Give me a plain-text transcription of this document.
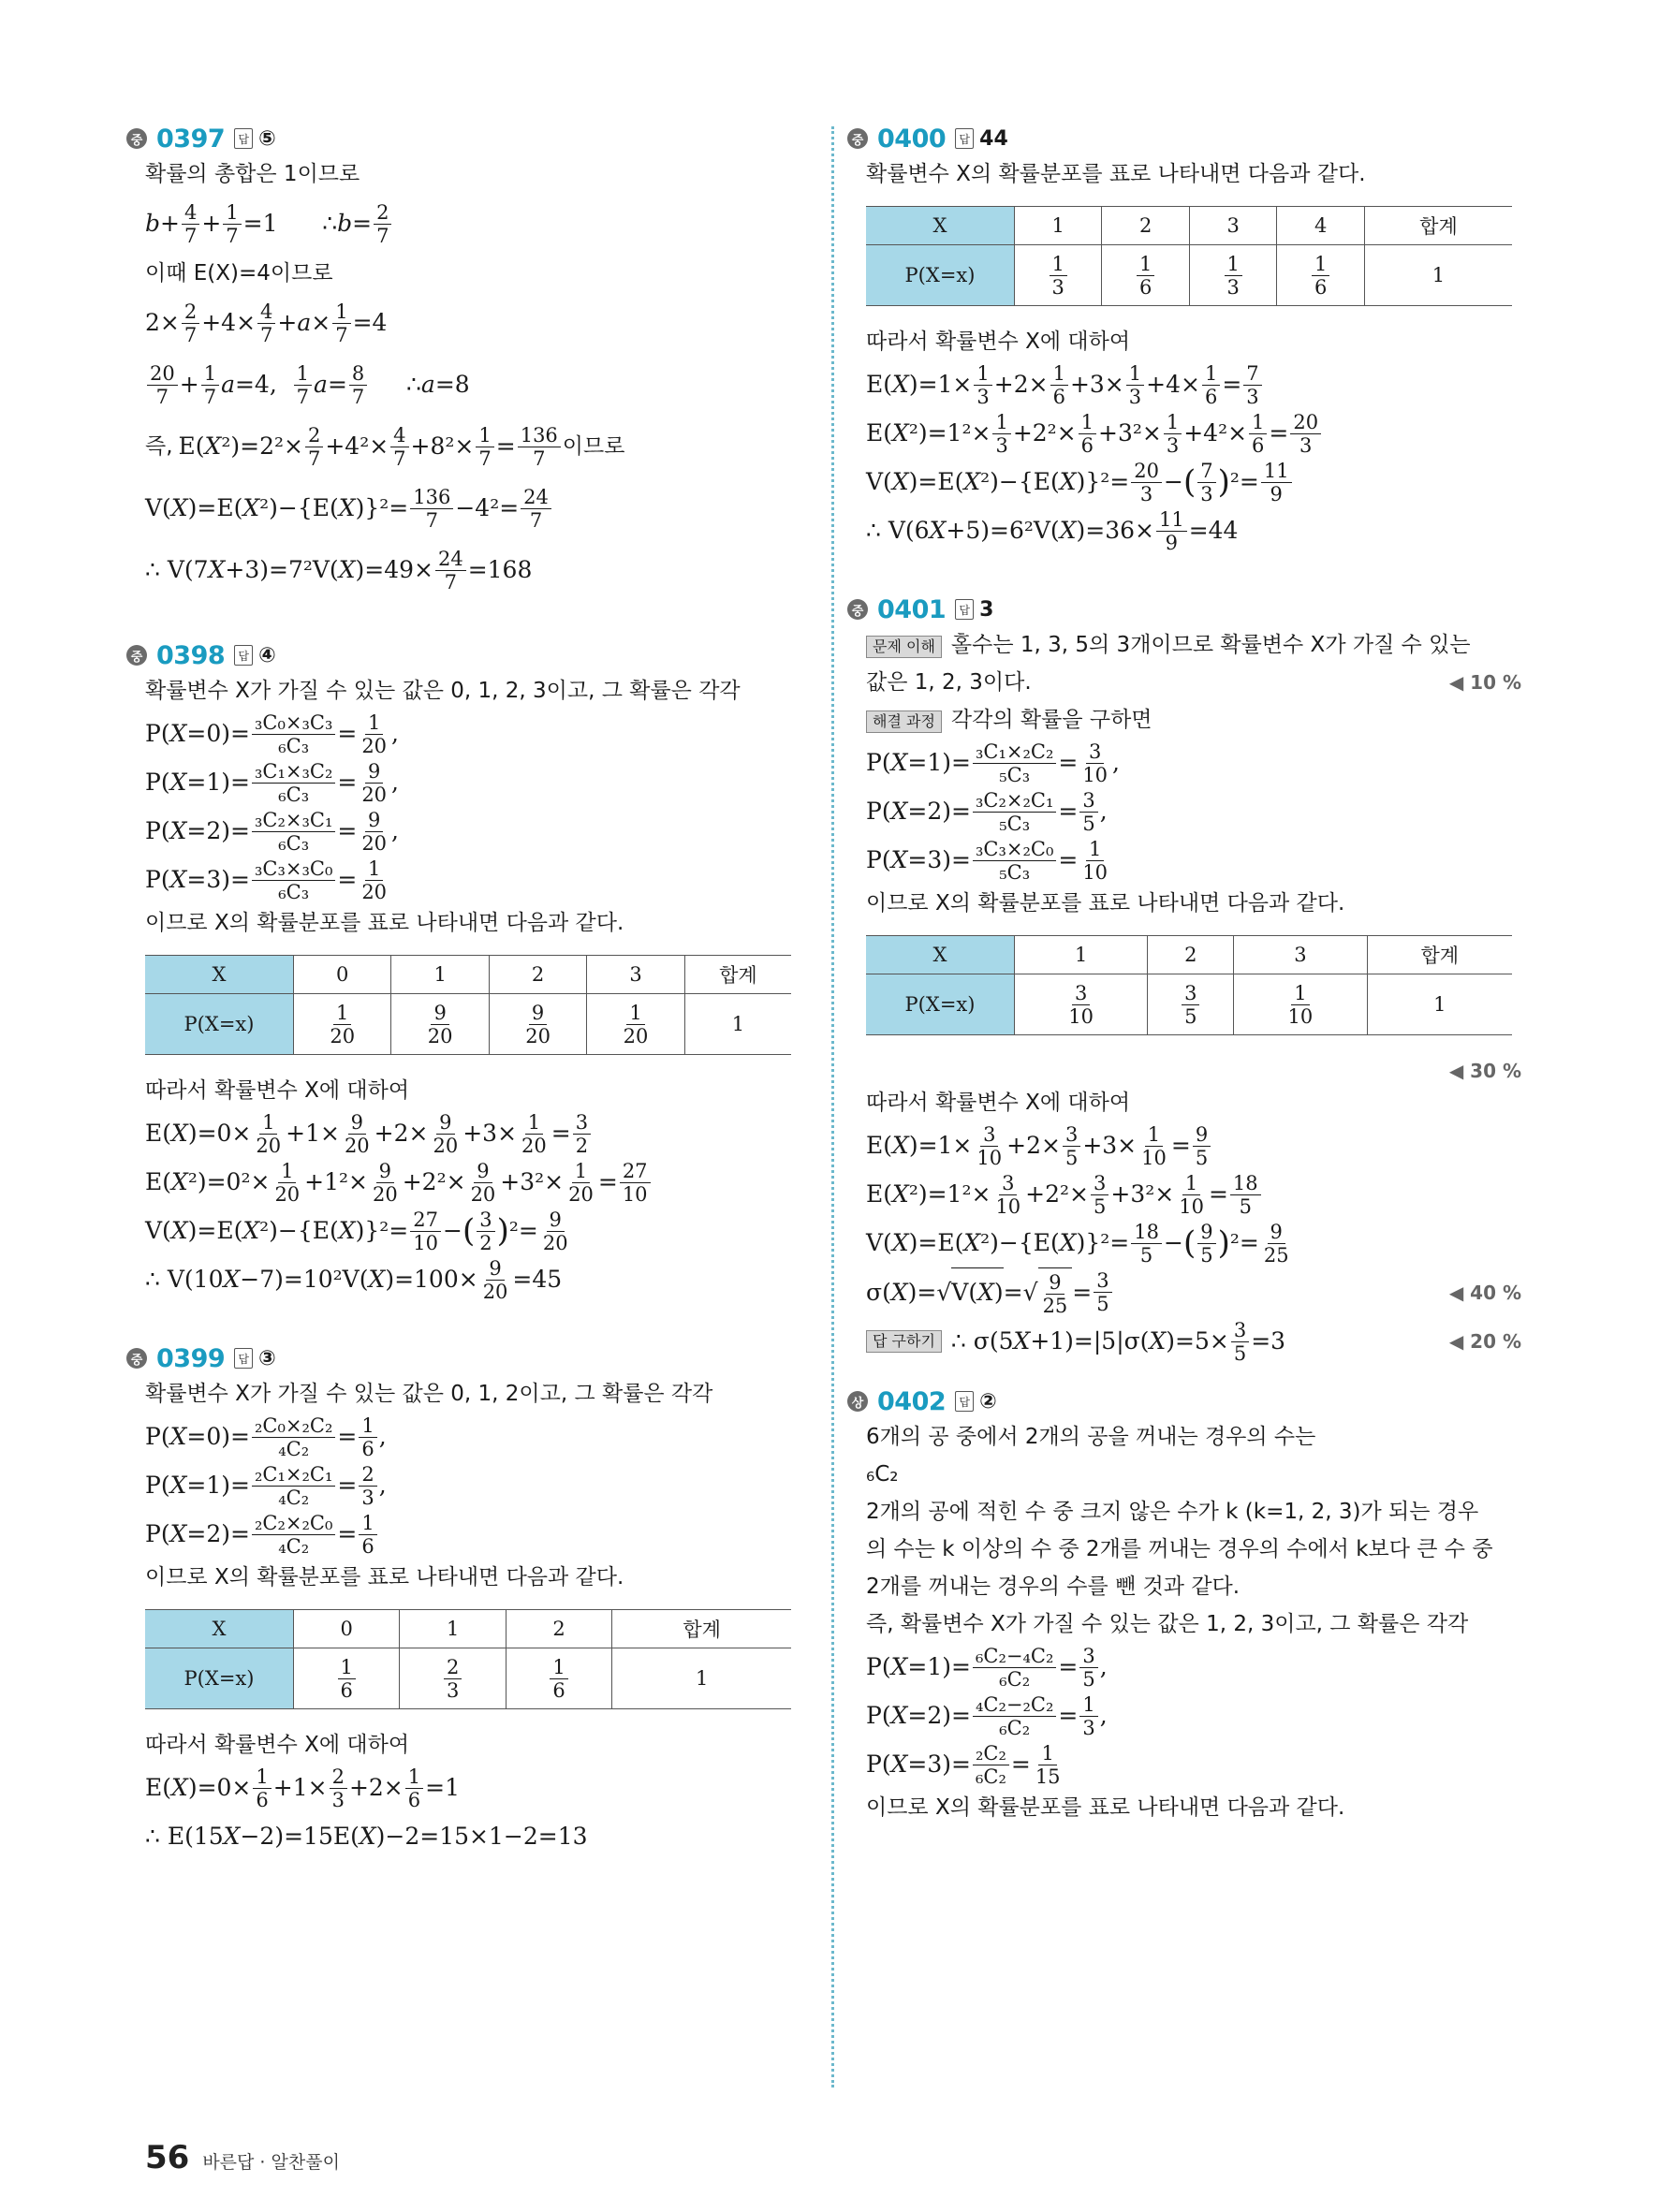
중 0397	답 ⑤
확률의 총합은 1이므로
$b + \frac{4}{7} + \frac{1}{7} =1$      ∴ $b = \frac{2}{7}$
이때 E(X)=4이므로
$2\times \frac{2}{7} +4\times \frac{4}{7} + a \times \frac{1}{7} =4$
$\frac{20}{7} + \frac{1}{7}$ a =4, $\frac{1}{7}$ $a = \frac{8}{7}$ ∴ a =8
즉, E( X $^2)=2^2\times \frac{2}{7} +4^2\times \frac{4}{7} +8^2\times \frac{1}{7} = \frac{136}{7}$ 이므로
V( X )=E( X ²)−{E( X )}$^2= \frac{136}{7} -4^2= \frac{24}{7}$
∴ V(7 X +3)=7²V( X )$=49\times \frac{24}{7} =168$
중 0398	답 ④
확률변수 X가 가질 수 있는 값은 0, 1, 2, 3이고, 그 확률은 각각
P( $X =0)= \frac{\text{₃C₀×₃C₃}}{\text{₆C₃}} = \frac{1}{20}$ ,
P( $X =1)= \frac{\text{₃C₁×₃C₂}}{\text{₆C₃}} = \frac{9}{20}$ ,
P( $X =2)= \frac{\text{₃C₂×₃C₁}}{\text{₆C₃}} = \frac{9}{20}$ ,
P( $X =3)= \frac{\text{₃C₃×₃C₀}}{\text{₆C₃}} = \frac{1}{20}$
이므로 X의 확률분포를 표로 나타내면 다음과 같다.
X	0	1	2	3	합계
P(X=x)	$\frac{1}{20}$	$\frac{9}{20}$	$\frac{9}{20}$	$\frac{1}{20}$	1
따라서 확률변수 X에 대하여
E( X )$=0\times \frac{1}{20} +1\times \frac{9}{20} +2\times \frac{9}{20} +3\times \frac{1}{20} = \frac{3}{2}$
E( X $^2)=0^2\times \frac{1}{20} +1^2\times \frac{9}{20} +2^2\times \frac{9}{20} +3^2\times \frac{1}{20} = \frac{27}{10}$
V( X )=E( X ²)−{E( X )}$^2= \frac{27}{10}$ − ( $\frac{3}{2}$ ) $^2= \frac{9}{20}$
∴ V(10 X −7)=10²V( X )$=100\times \frac{9}{20} =45$
중 0399	답 ③
확률변수 X가 가질 수 있는 값은 0, 1, 2이고, 그 확률은 각각
P( $X =0)= \frac{\text{₂C₀×₂C₂}}{\text{₄C₂}} = \frac{1}{6}$ ,
P( $X =1)= \frac{\text{₂C₁×₂C₁}}{\text{₄C₂}} = \frac{2}{3}$ ,
P( $X =2)= \frac{\text{₂C₂×₂C₀}}{\text{₄C₂}} = \frac{1}{6}$
이므로 X의 확률분포를 표로 나타내면 다음과 같다.
X	0	1	2	합계
P(X=x)	$\frac{1}{6}$	$\frac{2}{3}$	$\frac{1}{6}$	1
따라서 확률변수 X에 대하여
E( X )$=0\times \frac{1}{6} +1\times \frac{2}{3} +2\times \frac{1}{6} =1$
∴ E(15 X −2)=15E( X )−2=15×1−2=13
중 0400	답 44
확률변수 X의 확률분포를 표로 나타내면 다음과 같다.
X	1	2	3	4	합계
P(X=x)	$\frac{1}{3}$	$\frac{1}{6}$	$\frac{1}{3}$	$\frac{1}{6}$	1
따라서 확률변수 X에 대하여
E( X )$=1\times \frac{1}{3} +2\times \frac{1}{6} +3\times \frac{1}{3} +4\times \frac{1}{6} = \frac{7}{3}$
E( X $^2)=1^2\times \frac{1}{3} +2^2\times \frac{1}{6} +3^2\times \frac{1}{3} +4^2\times \frac{1}{6} = \frac{20}{3}$
V( X )=E( X ²)−{E( X )}$^2= \frac{20}{3}$ − ( $\frac{7}{3}$ ) $^2= \frac{11}{9}$
∴ V(6 X +5)=6²V( X )$=36\times \frac{11}{9} =44$
중 0401	답 3
문제 이해 홀수는 1, 3, 5의 3개이므로 확률변수 X가 가질 수 있는
값은 1, 2, 3이다.	◀ 10 %
해결 과정 각각의 확률을 구하면
P( $X =1)= \frac{\text{₃C₁×₂C₂}}{\text{₅C₃}} = \frac{3}{10}$ ,
P( $X =2)= \frac{\text{₃C₂×₂C₁}}{\text{₅C₃}} = \frac{3}{5}$ ,
P( $X =3)= \frac{\text{₃C₃×₂C₀}}{\text{₅C₃}} = \frac{1}{10}$
이므로 X의 확률분포를 표로 나타내면 다음과 같다.
X	1	2	3	합계
P(X=x)	$\frac{3}{10}$	$\frac{3}{5}$	$\frac{1}{10}$	1
◀ 30 %
따라서 확률변수 X에 대하여
E( X )$=1\times \frac{3}{10} +2\times \frac{3}{5} +3\times \frac{1}{10} = \frac{9}{5}$
E( X $^2)=1^2\times \frac{3}{10} +2^2\times \frac{3}{5} +3^2\times \frac{1}{10} = \frac{18}{5}$
V( X )=E( X ²)−{E( X )}$^2= \frac{18}{5}$ − ( $\frac{9}{5}$ ) $^2= \frac{9}{25}$
σ( X )=√ V(X) =√ $\frac{9}{25} = \frac{3}{5}$	◀ 40 %
답 구하기 ∴ σ(5 X +1)=|5|σ( X )$=5\times \frac{3}{5} =3$	◀ 20 %
상 0402	답 ②
6개의 공 중에서 2개의 공을 꺼내는 경우의 수는
₆C₂
2개의 공에 적힌 수 중 크지 않은 수가 k (k=1, 2, 3)가 되는 경우
의 수는 k 이상의 수 중 2개를 꺼내는 경우의 수에서 k보다 큰 수 중
2개를 꺼내는 경우의 수를 뺀 것과 같다.
즉, 확률변수 X가 가질 수 있는 값은 1, 2, 3이고, 그 확률은 각각
P( $X =1)= \frac{\text{₆C₂−₄C₂}}{\text{₆C₂}} = \frac{3}{5}$ ,
P( $X =2)= \frac{\text{₄C₂−₂C₂}}{\text{₆C₂}} = \frac{1}{3}$ ,
P( $X =3)= \frac{\text{₂C₂}}{\text{₆C₂}} = \frac{1}{15}$
이므로 X의 확률분포를 표로 나타내면 다음과 같다.
56 바른답 · 알찬풀이
